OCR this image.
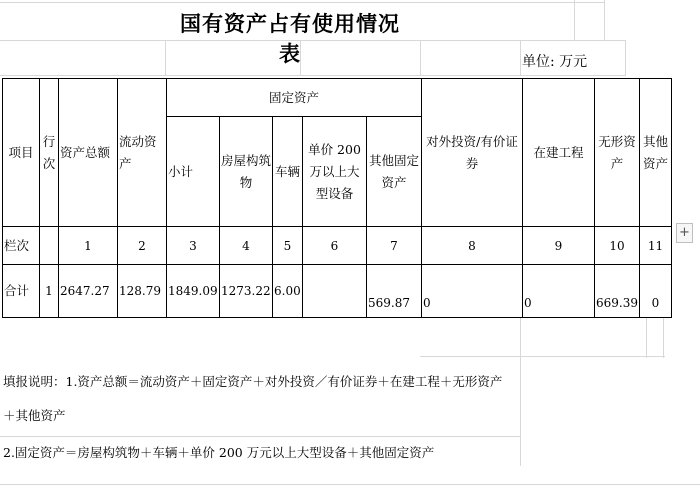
国有资产占有使用情况表	单位: 万元
项目	行次	资产总额	流动资产	固定资产					对外投资/有价证券	在建工程	无形资产	其他资产
				小计	房屋构筑物	车辆	单价 200万以上大型设备	其他固定资产				
栏次		1	2	3	4	5	6	7	8	9	10	11
合计	1	2647.27	128.79	1849.09	1273.22	6.00		569.87	0	0	669.39	0
填报说明：1.资产总额＝流动资产＋固定资产＋对外投资／有价证券＋在建工程＋无形资产
＋其他资产
2.固定资产＝房屋构筑物＋车辆＋单价 200 万元以上大型设备＋其他固定资产
+
